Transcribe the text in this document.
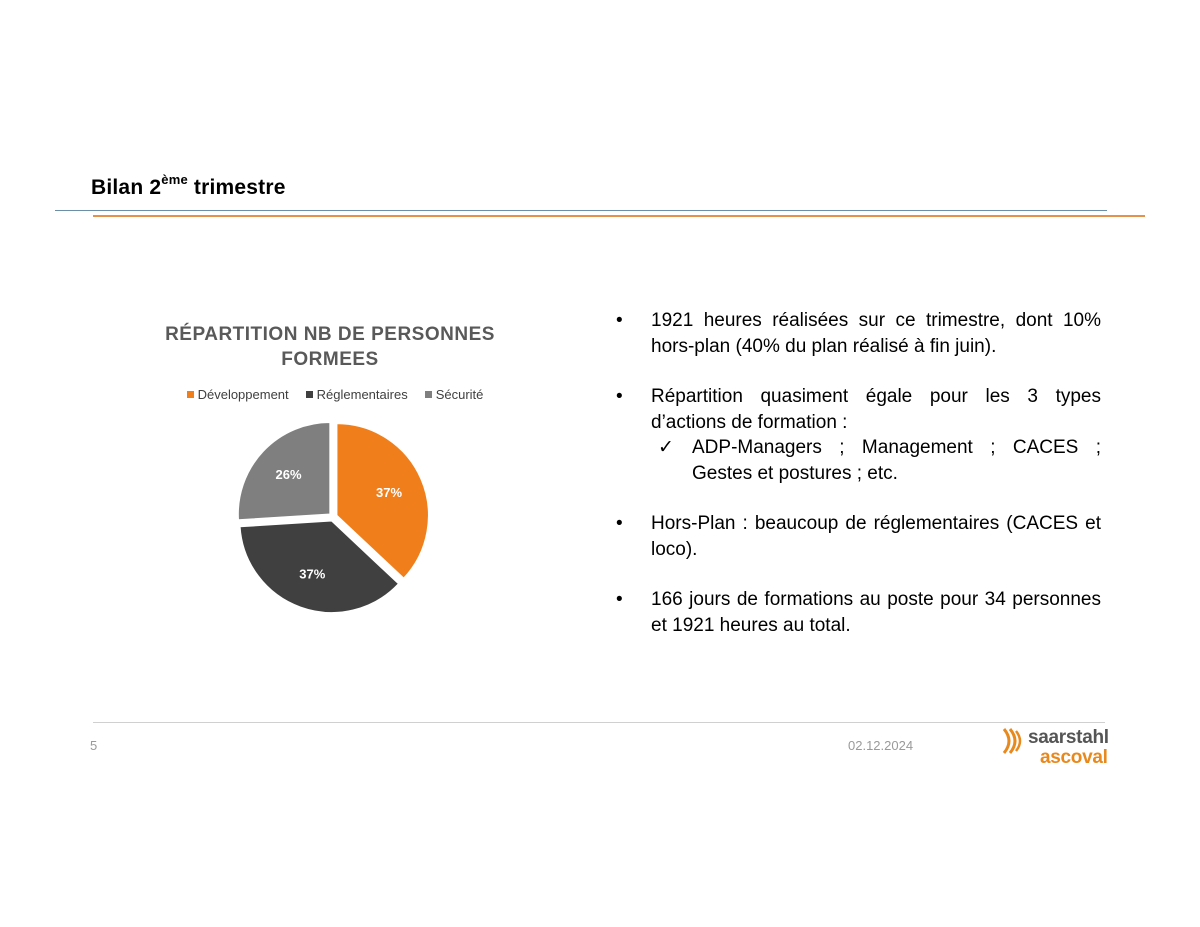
Bilan 2ème trimestre
RÉPARTITION NB DE PERSONNES FORMEES
Développement Réglementaires Sécurité
37%
37%
26%
•	1921 heures réalisées sur ce trimestre, dont 10% hors-plan (40% du plan réalisé à fin juin).
•	Répartition quasiment égale pour les 3 types d’actions de formation :
✓ ADP-Managers ; Management ; CACES ; Gestes et postures ; etc.
•	Hors-Plan : beaucoup de réglementaires (CACES et loco).
•	166 jours de formations au poste pour 34 personnes et 1921 heures au total.
5	02.12.2024	saarstahl
ascoval
